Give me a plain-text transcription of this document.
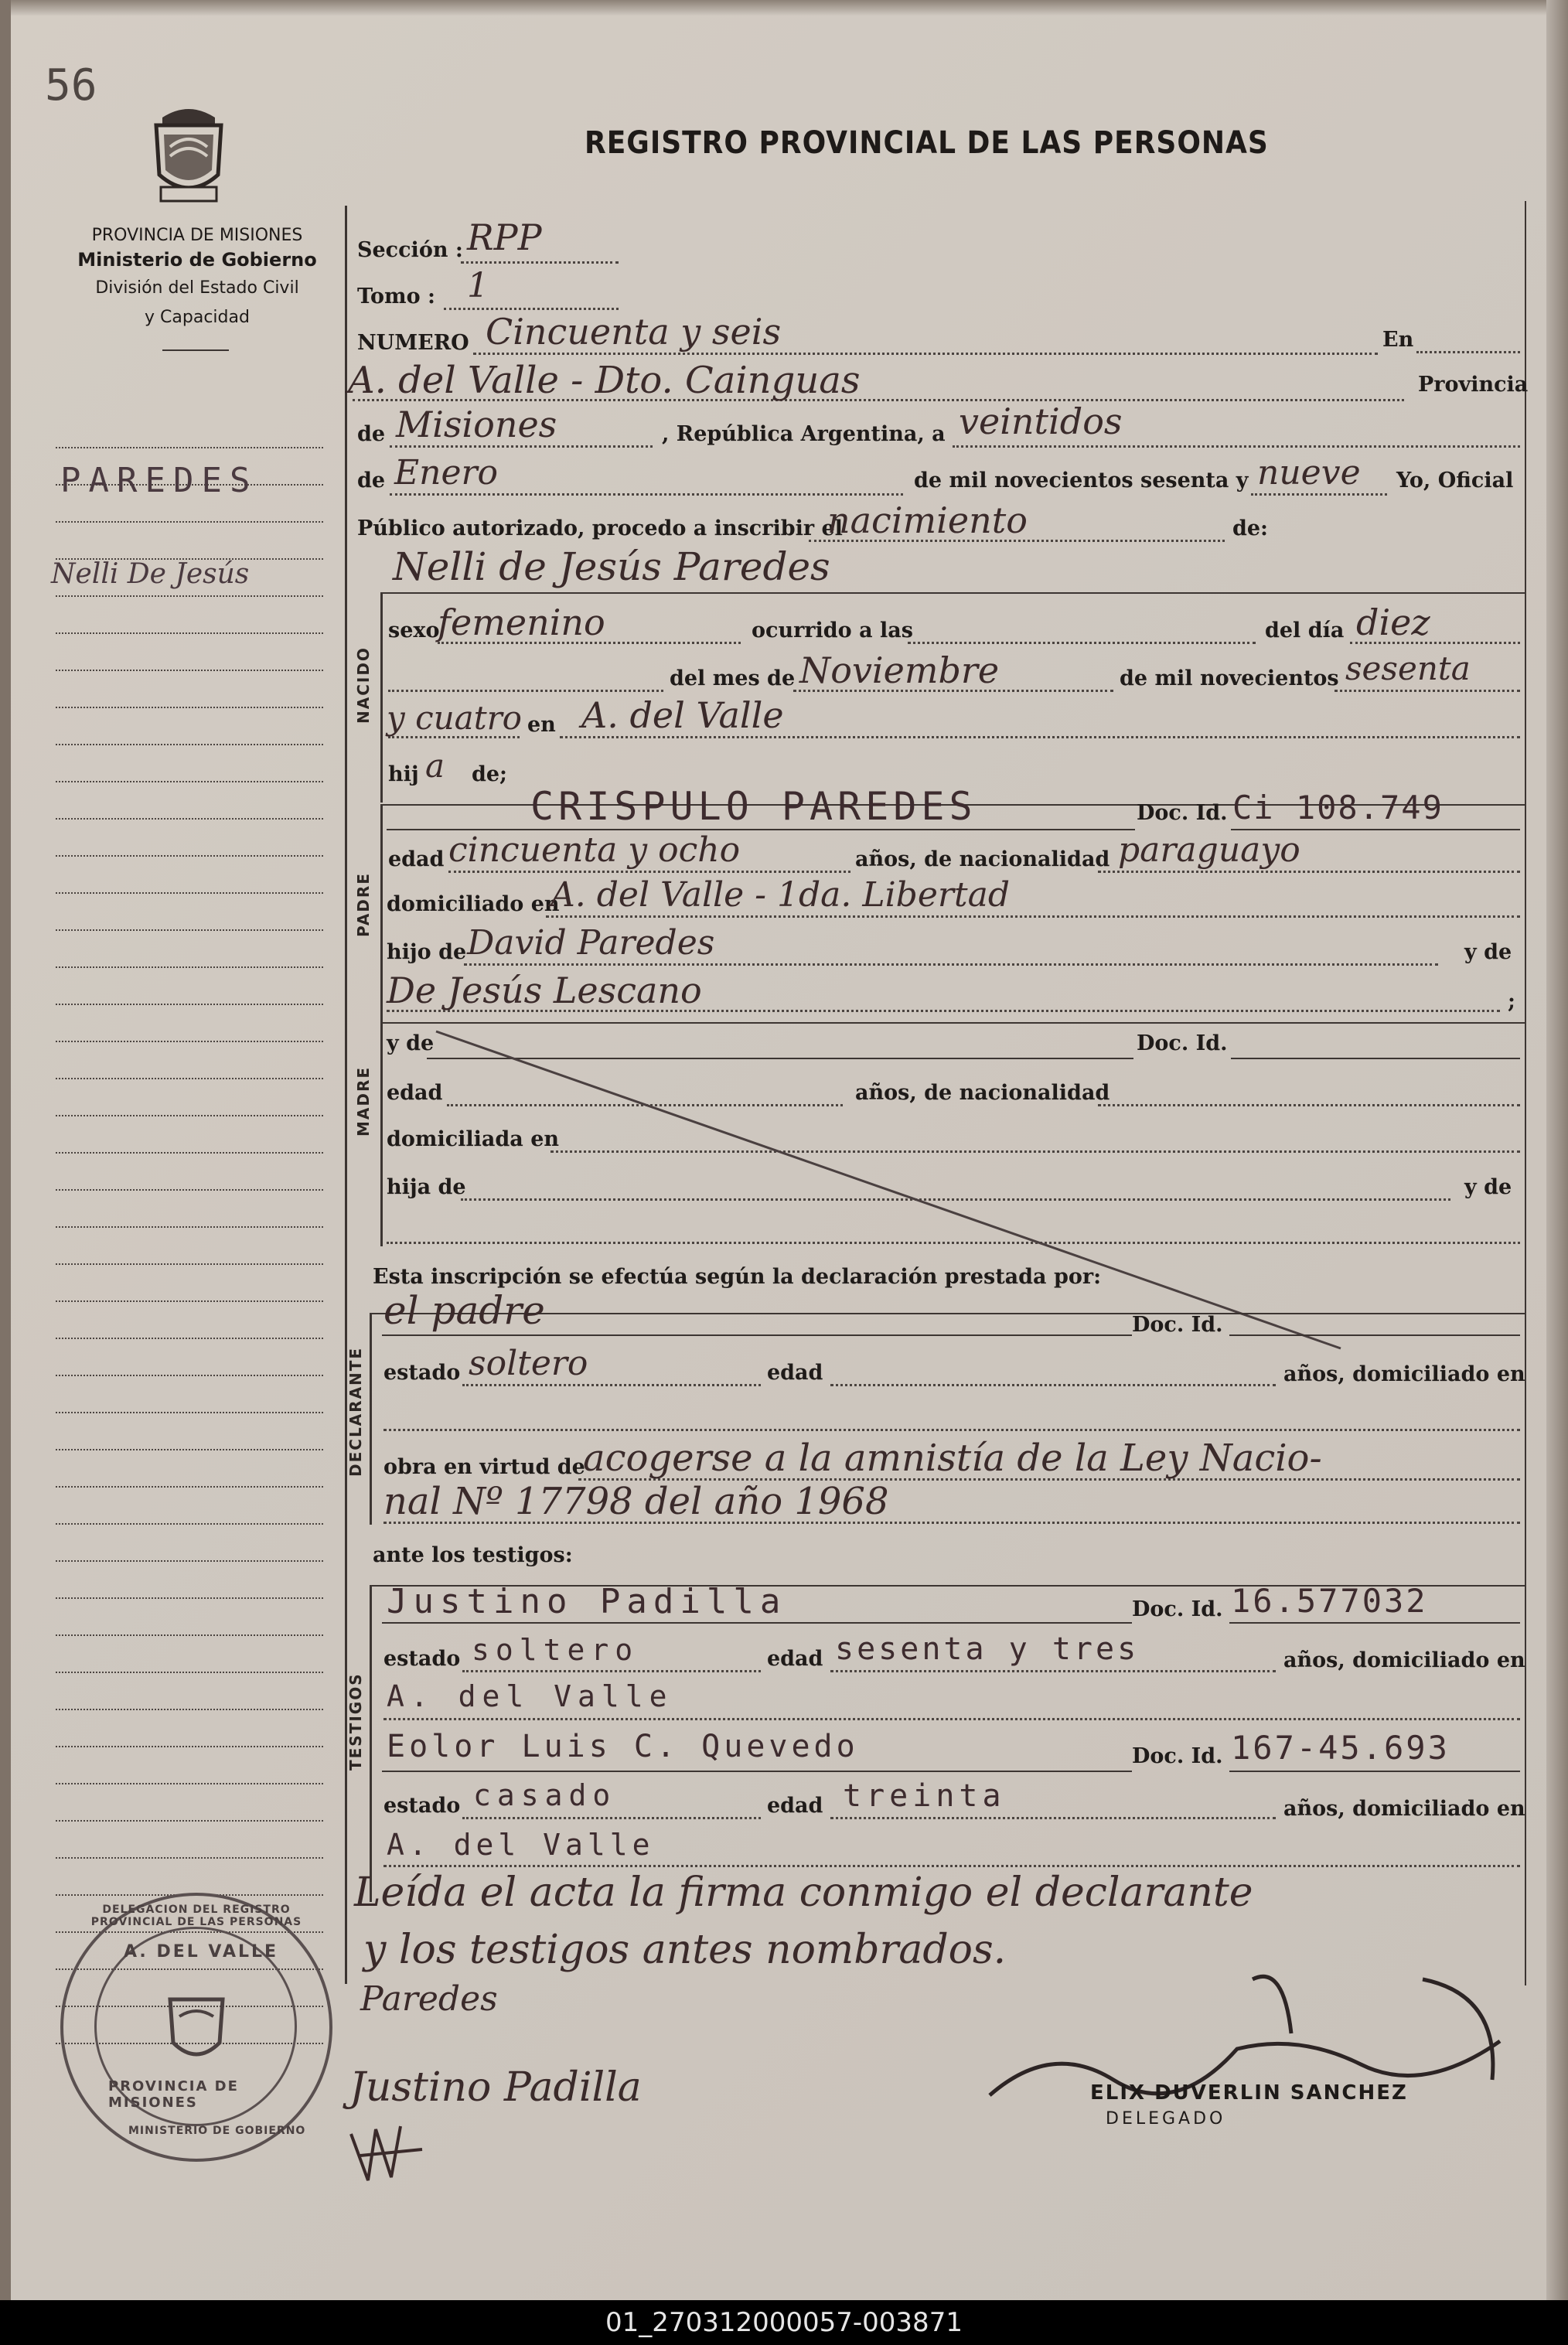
56
PROVINCIA DE MISIONES
Ministerio de Gobierno
División del Estado Civil
y Capacidad
REGISTRO PROVINCIAL DE LAS PERSONAS
PAREDES
Nelli De Jesús
Sección : RPP
Tomo : 1
NUMERO Cincuenta y seis	En
A. del Valle - Dto. Cainguas	Provincia
de Misiones	, República Argentina, a veintidos
de Enero	de mil novecientos sesenta y nueve Yo, Oficial
Público autorizado, procedo a inscribir el
nacimiento	de:
NACIDO
Nelli de Jesús Paredes
sexo
femenino	ocurrido a las	del día diez
del mes de Noviembre	de mil novecientos sesenta
y cuatro en A. del Valle
hij a de;
PADRE
CRISPULO PAREDES	Doc. Id. Ci 108.749
edad cincuenta y ocho	años, de nacionalidad paraguayo
domiciliado en
A. del Valle - 1da. Libertad
hijo de David Paredes	y de
De Jesús Lescano	;
MADRE
y de	Doc. Id.
edad	años, de nacionalidad
domiciliada en
hija de	y de
Esta inscripción se efectúa según la declaración prestada por:
DECLARANTE
el padre	Doc. Id.
estado soltero	edad	años, domiciliado en
obra en virtud de
acogerse a la amnistía de la Ley Nacio-
nal Nº 17798 del año 1968
ante los testigos:
TESTIGOS
Justino Padilla	Doc. Id. 16.577032
estado soltero	edad sesenta y tres	años, domiciliado en
A. del Valle
Eolor Luis C. Quevedo	Doc. Id. 167-45.693
estado casado	edad treinta	años, domiciliado en
A. del Valle
Leída el acta la firma conmigo el declarante
y los testigos antes nombrados.
Paredes
Justino Padilla	ELIX DUVERLIN SANCHEZ
DELEGADO
A. DEL VALLE
PROVINCIA DE MISIONES
MINISTERIO DE GOBIERNO
DELEGACION DEL REGISTRO PROVINCIAL DE LAS PERSONAS
01_270312000057-003871
